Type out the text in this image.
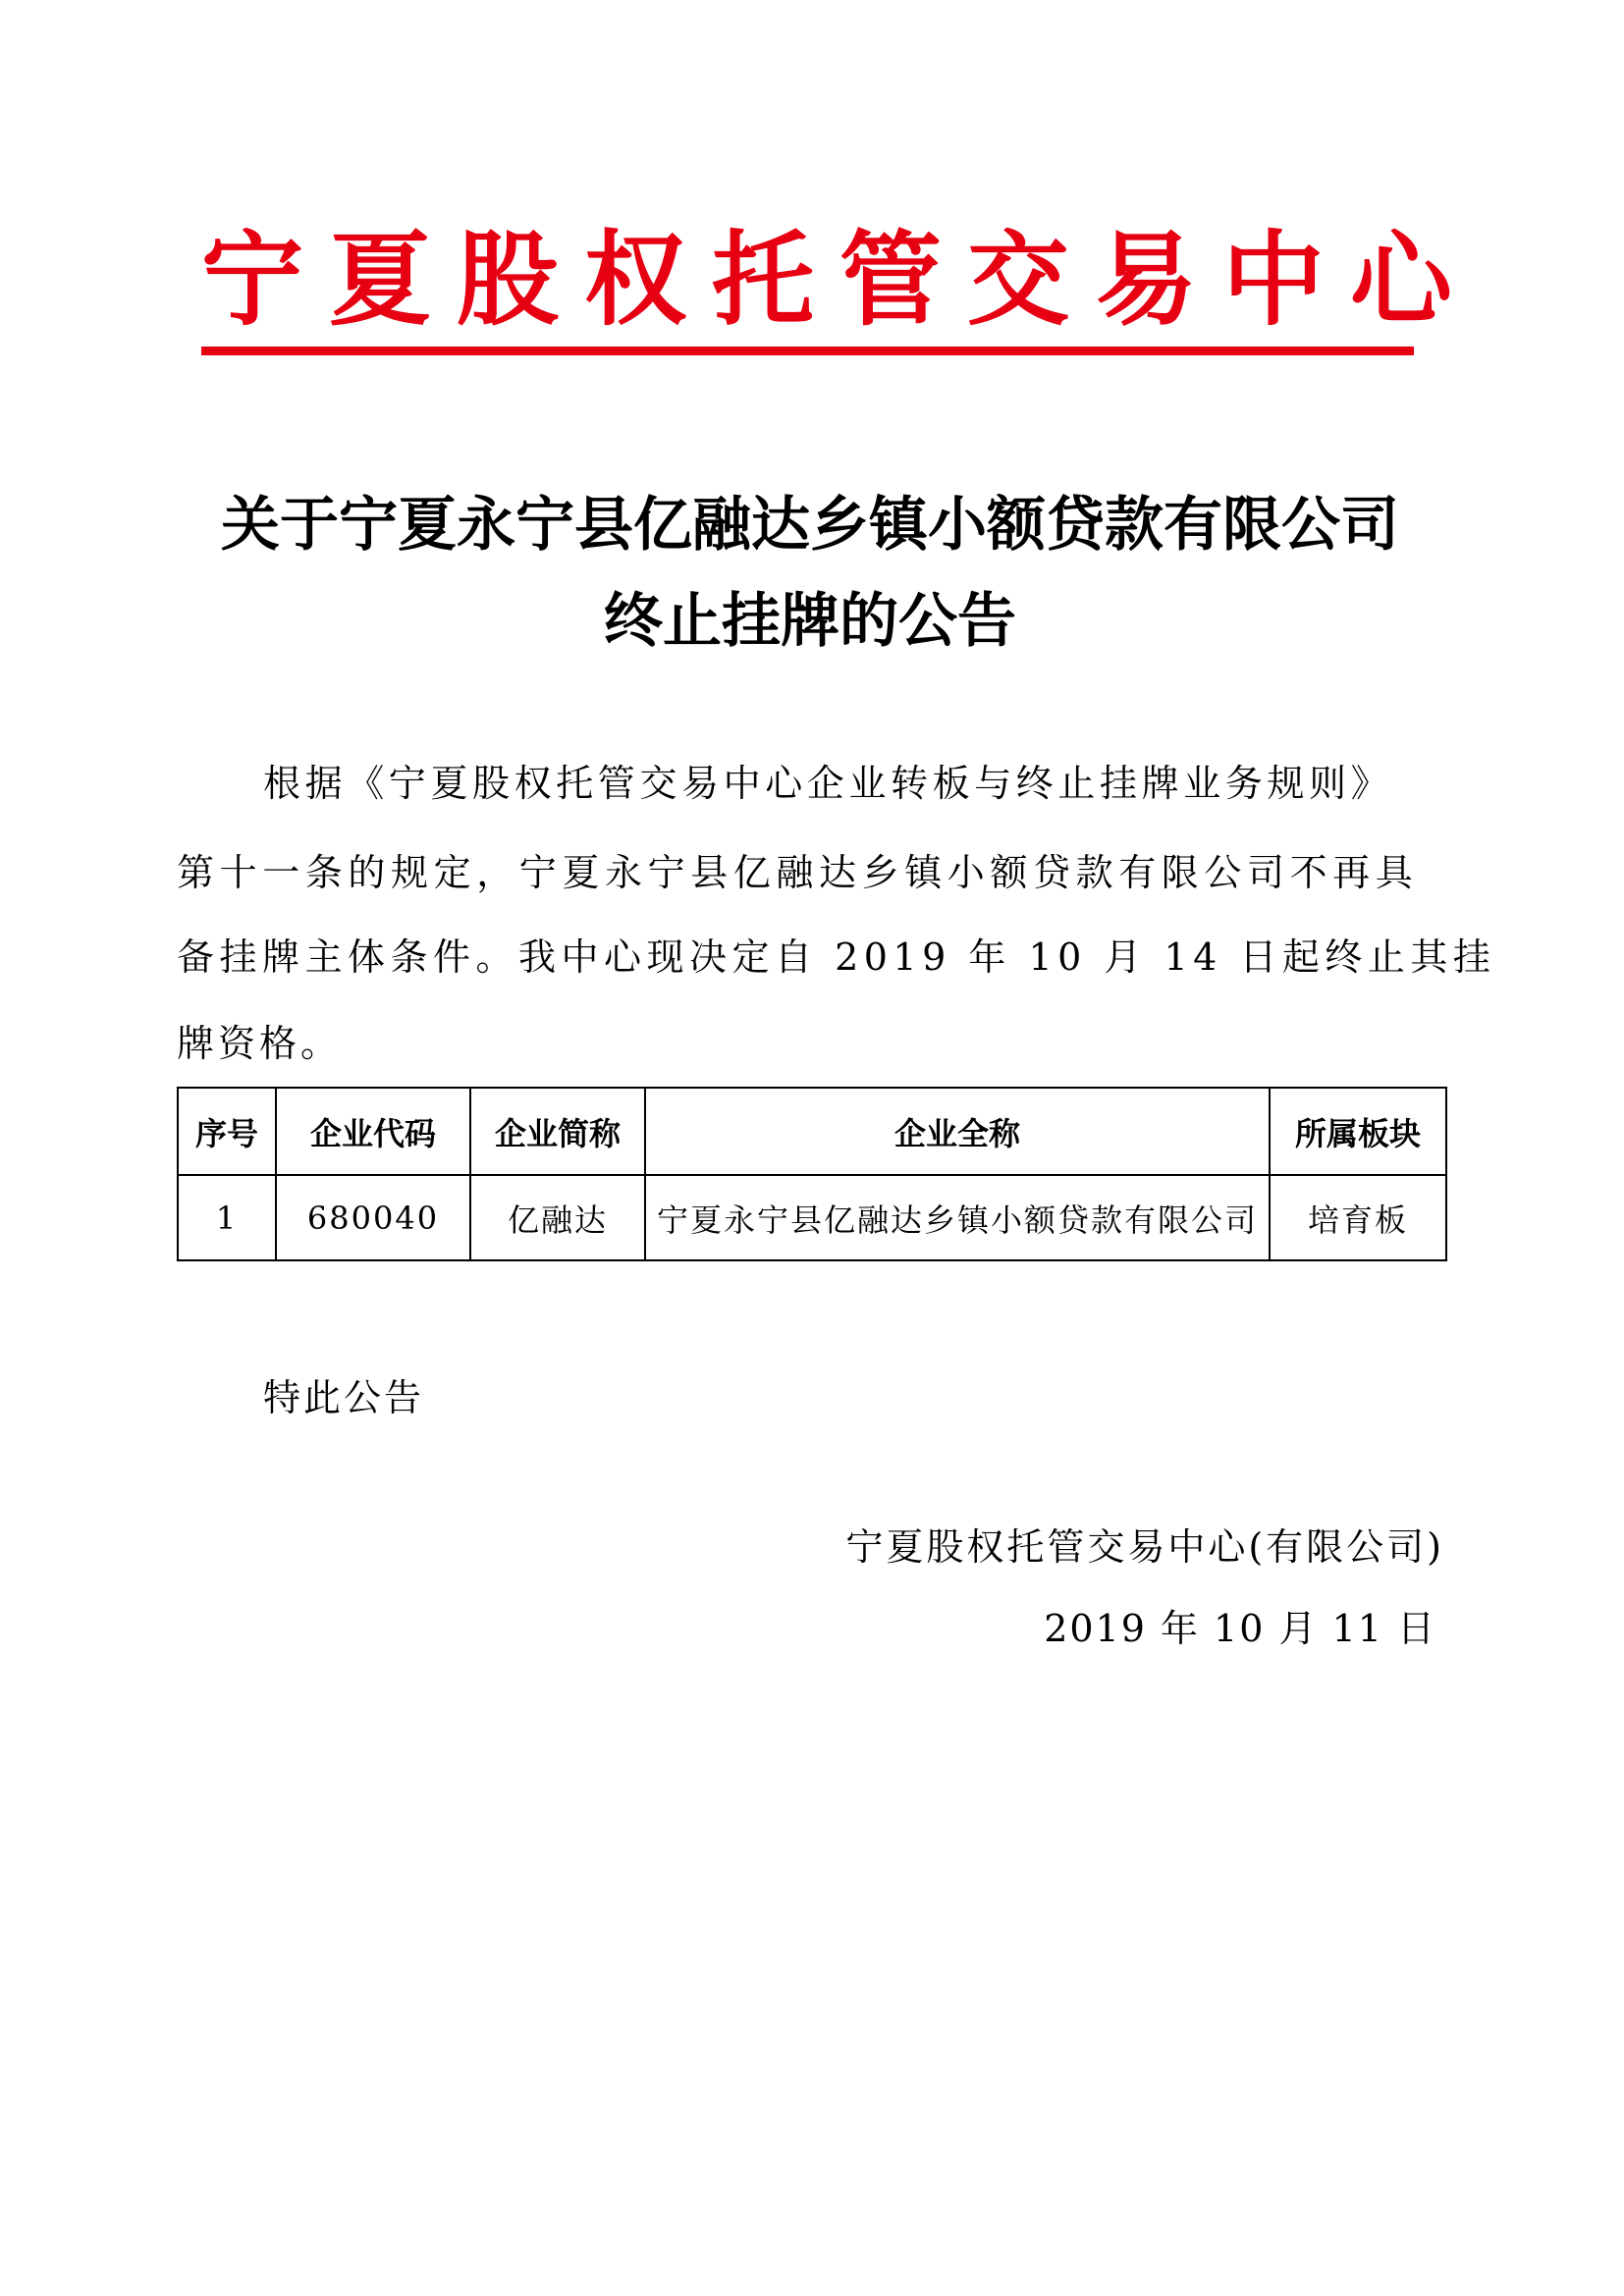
宁夏股权托管交易中心
关于宁夏永宁县亿融达乡镇小额贷款有限公司
终止挂牌的公告
根据《宁夏股权托管交易中心企业转板与终止挂牌业务规则》
第十一条的规定，宁夏永宁县亿融达乡镇小额贷款有限公司不再具
备挂牌主体条件。我中心现决定自 2019 年 10 月 14 日起终止其挂
牌资格。
序号	企业代码	企业简称	企业全称	所属板块
1	680040	亿融达	宁夏永宁县亿融达乡镇小额贷款有限公司	培育板
特此公告
宁夏股权托管交易中心(有限公司)
2019 年 10 月 11 日
